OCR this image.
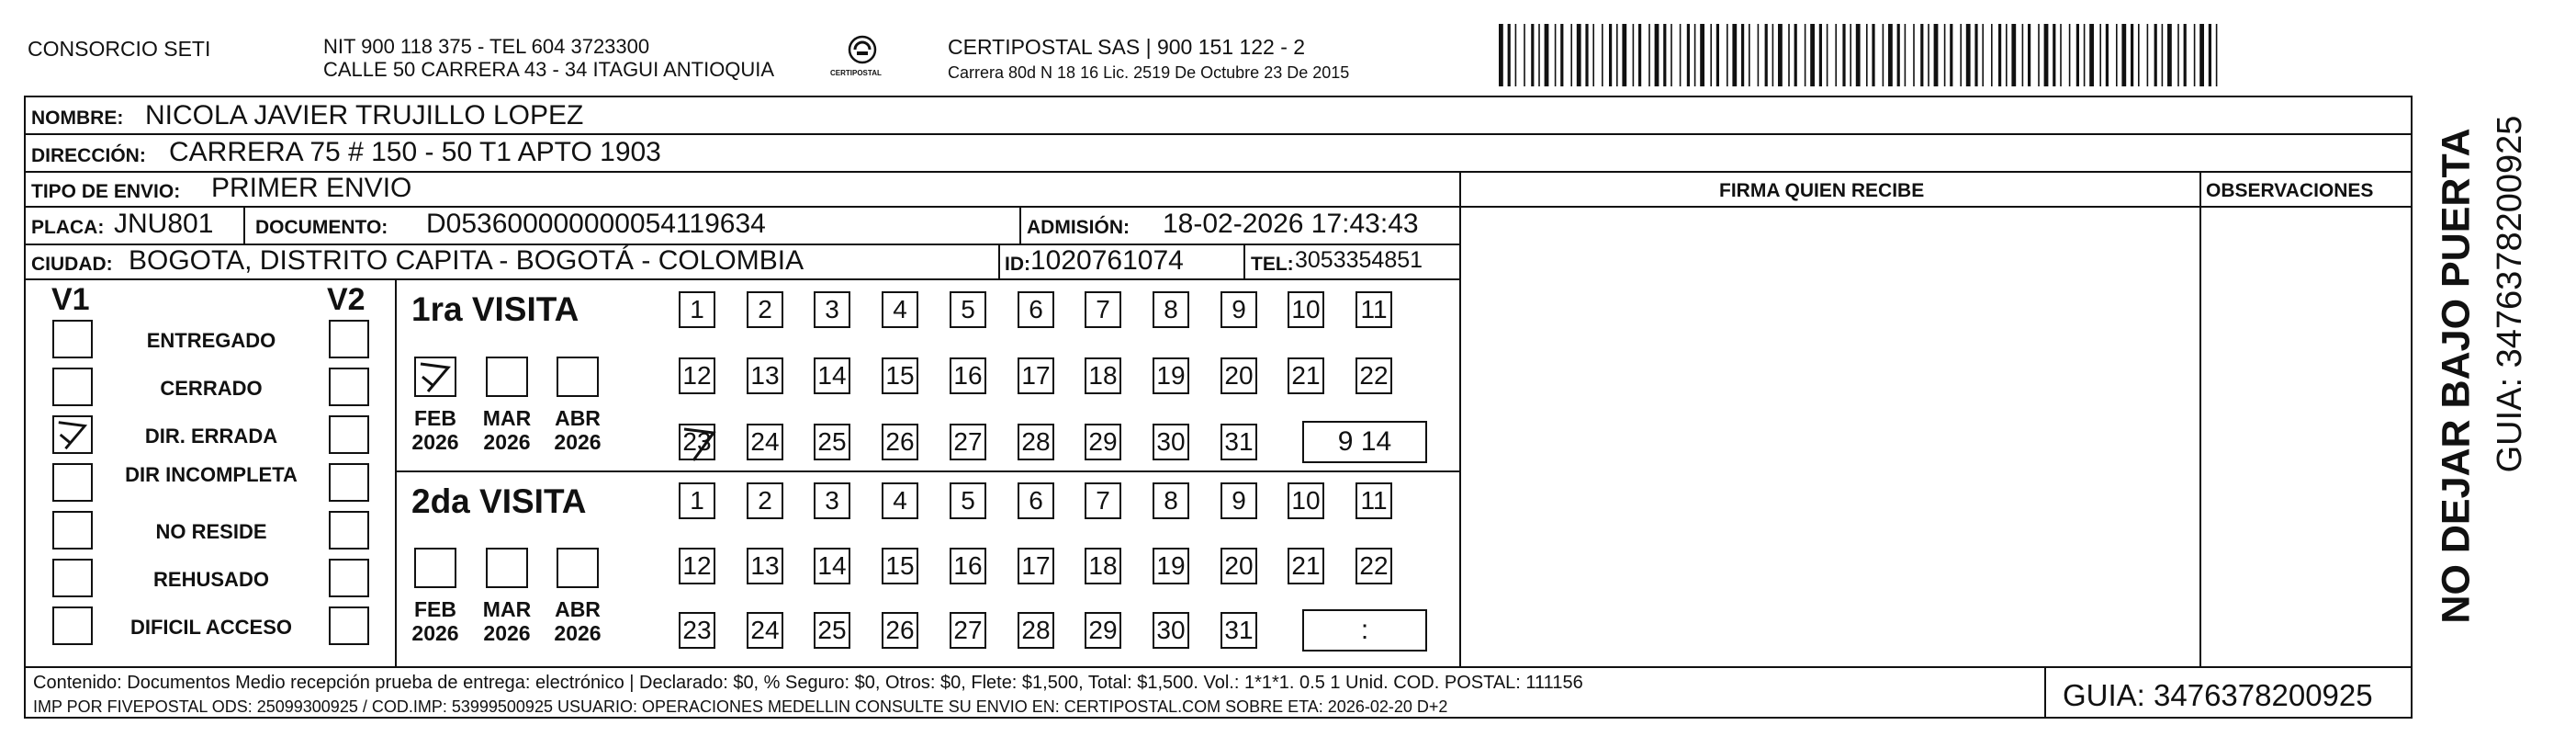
CONSORCIO SETI	NIT 900 118 375 - TEL 604 3723300
CALLE 50 CARRERA 43 - 34 ITAGUI ANTIOQUIA	CERTIPOSTAL
CERTIPOSTAL SAS | 900 151 122 - 2
Carrera 80d N 18 16 Lic. 2519 De Octubre 23 De 2015
NOMBRE: NICOLA JAVIER TRUJILLO LOPEZ
DIRECCIÓN: CARRERA 75 # 150 - 50 T1 APTO 1903
TIPO DE ENVIO: PRIMER ENVIO	FIRMA QUIEN RECIBE	OBSERVACIONES
PLACA: JNU801 DOCUMENTO: D053600000000054119634	ADMISIÓN: 18-02-2026 17:43:43
CIUDAD: BOGOTA, DISTRITO CAPITA - BOGOTÁ - COLOMBIA	ID: 1020761074	TEL: 3053354851
V1	V2
ENTREGADO
CERRADO
DIR. ERRADA
DIR INCOMPLETA
NO RESIDE
REHUSADO
DIFICIL ACCESO
1ra VISITA
FEB
2026
MAR
2026
ABR
2026
1	2	3	4	5	6	7	8	9	10 11
12 13 14 15 16 17 18 19 20 21 22
23 24 25 26 27 28 29 30 31	9 14
2da VISITA
FEB
2026
MAR
2026
ABR
2026
1	2	3	4	5	6	7	8	9	10 11
12 13 14 15 16 17 18 19 20 21 22
23 24 25 26 27 28 29 30 31	:
Contenido: Documentos Medio recepción prueba de entrega: electrónico | Declarado: $0, % Seguro: $0, Otros: $0, Flete: $1,500, Total: $1,500. Vol.: 1*1*1. 0.5 1 Unid. COD. POSTAL: 111156
IMP POR FIVEPOSTAL ODS: 25099300925 / COD.IMP: 53999500925 USUARIO: OPERACIONES MEDELLIN CONSULTE SU ENVIO EN: CERTIPOSTAL.COM SOBRE ETA: 2026-02-20 D+2	GUIA: 3476378200925
NO DEJAR BAJO PUERTA GUIA: 3476378200925
